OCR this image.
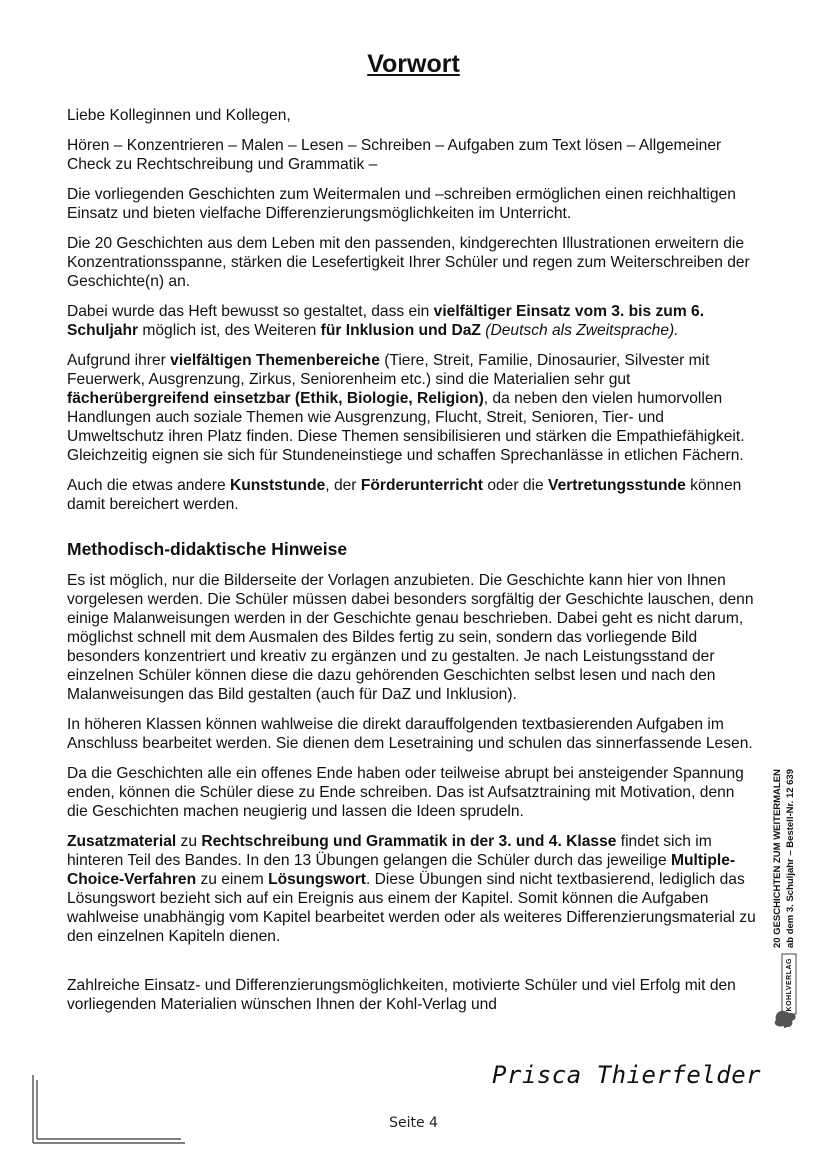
Vorwort

Liebe Kolleginnen und Kollegen,

Hören – Konzentrieren – Malen – Lesen – Schreiben – Aufgaben zum Text lösen – Allgemeiner Check zu Rechtschreibung und Grammatik –

Die vorliegenden Geschichten zum Weitermalen und –schreiben ermöglichen einen reichhaltigen Einsatz und bieten vielfache Differenzierungsmöglichkeiten im Unterricht.

Die 20 Geschichten aus dem Leben mit den passenden, kindgerechten Illustrationen erweitern die Konzentrationsspanne, stärken die Lesefertigkeit Ihrer Schüler und regen zum Weiterschreiben der Geschichte(n) an.

Dabei wurde das Heft bewusst so gestaltet, dass ein vielfältiger Einsatz vom 3. bis zum 6. Schuljahr möglich ist, des Weiteren für Inklusion und DaZ (Deutsch als Zweitsprache).

Aufgrund ihrer vielfältigen Themenbereiche (Tiere, Streit, Familie, Dinosaurier, Silvester mit Feuerwerk, Ausgrenzung, Zirkus, Seniorenheim etc.) sind die Materialien sehr gut fächerübergreifend einsetzbar (Ethik, Biologie, Religion), da neben den vielen humorvollen Handlungen auch soziale Themen wie Ausgrenzung, Flucht, Streit, Senioren, Tier- und Umweltschutz ihren Platz finden. Diese Themen sensibilisieren und stärken die Empathiefähigkeit. Gleichzeitig eignen sie sich für Stundeneinstiege und schaffen Sprechanlässe in etlichen Fächern.

Auch die etwas andere Kunststunde, der Förderunterricht oder die Vertretungsstunde können damit bereichert werden.

Methodisch-didaktische Hinweise

Es ist möglich, nur die Bilderseite der Vorlagen anzubieten. Die Geschichte kann hier von Ihnen vorgelesen werden. Die Schüler müssen dabei besonders sorgfältig der Geschichte lauschen, denn einige Malanweisungen werden in der Geschichte genau beschrieben. Dabei geht es nicht darum, möglichst schnell mit dem Ausmalen des Bildes fertig zu sein, sondern das vorliegende Bild besonders konzentriert und kreativ zu ergänzen und zu gestalten. Je nach Leistungsstand der einzelnen Schüler können diese die dazu gehörenden Geschichten selbst lesen und nach den Malanweisungen das Bild gestalten (auch für DaZ und Inklusion).

In höheren Klassen können wahlweise die direkt darauffolgenden textbasierenden Aufgaben im Anschluss bearbeitet werden. Sie dienen dem Lesetraining und schulen das sinnerfassende Lesen.

Da die Geschichten alle ein offenes Ende haben oder teilweise abrupt bei ansteigender Spannung enden, können die Schüler diese zu Ende schreiben. Das ist Aufsatztraining mit Motivation, denn die Geschichten machen neugierig und lassen die Ideen sprudeln.

Zusatzmaterial zu Rechtschreibung und Grammatik in der 3. und 4. Klasse findet sich im hinteren Teil des Bandes. In den 13 Übungen gelangen die Schüler durch das jeweilige Multiple-Choice-Verfahren zu einem Lösungswort. Diese Übungen sind nicht textbasierend, lediglich das Lösungswort bezieht sich auf ein Ereignis aus einem der Kapitel. Somit können die Aufgaben wahlweise unabhängig vom Kapitel bearbeitet werden oder als weiteres Differenzierungsmaterial zu den einzelnen Kapiteln dienen.

Zahlreiche Einsatz- und Differenzierungsmöglichkeiten, motivierte Schüler und viel Erfolg mit den vorliegenden Materialien wünschen Ihnen der Kohl-Verlag und

Prisca Thierfelder
Seite 4
20 GESCHICHTEN ZUM WEITERMALEN ab dem 3. Schuljahr – Bestell-Nr. 12 639
KOHLVERLAG
